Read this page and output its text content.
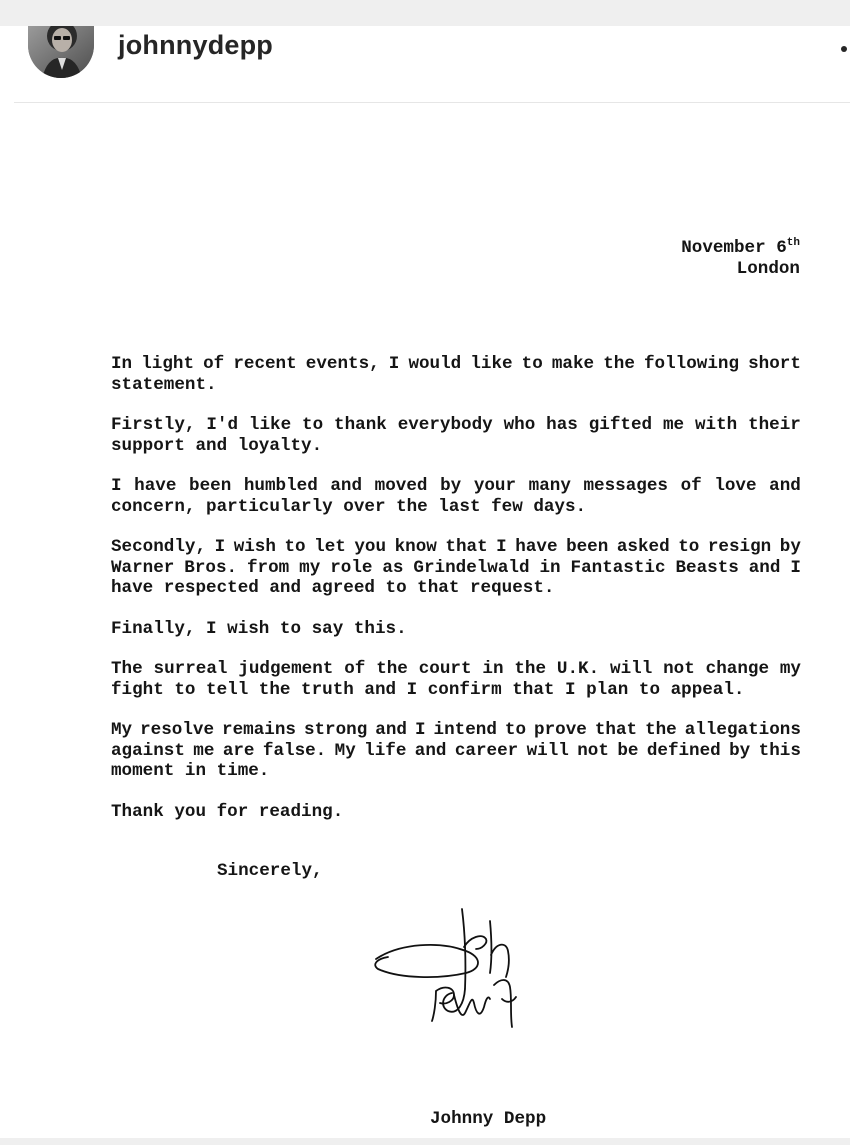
johnnydepp
November 6th
London
In light of recent events, I would like to make the following short
statement.
Firstly, I'd like to thank everybody who has gifted me with their
support and loyalty.
I have been humbled and moved by your many messages of love and
concern, particularly over the last few days.
Secondly, I wish to let you know that I have been asked to resign by
Warner Bros. from my role as Grindelwald in Fantastic Beasts and I
have respected and agreed to that request.
Finally, I wish to say this.
The surreal judgement of the court in the U.K. will not change my
fight to tell the truth and I confirm that I plan to appeal.
My resolve remains strong and I intend to prove that the allegations
against me are false. My life and career will not be defined by this
moment in time.
Thank you for reading.
Sincerely,
Johnny Depp
